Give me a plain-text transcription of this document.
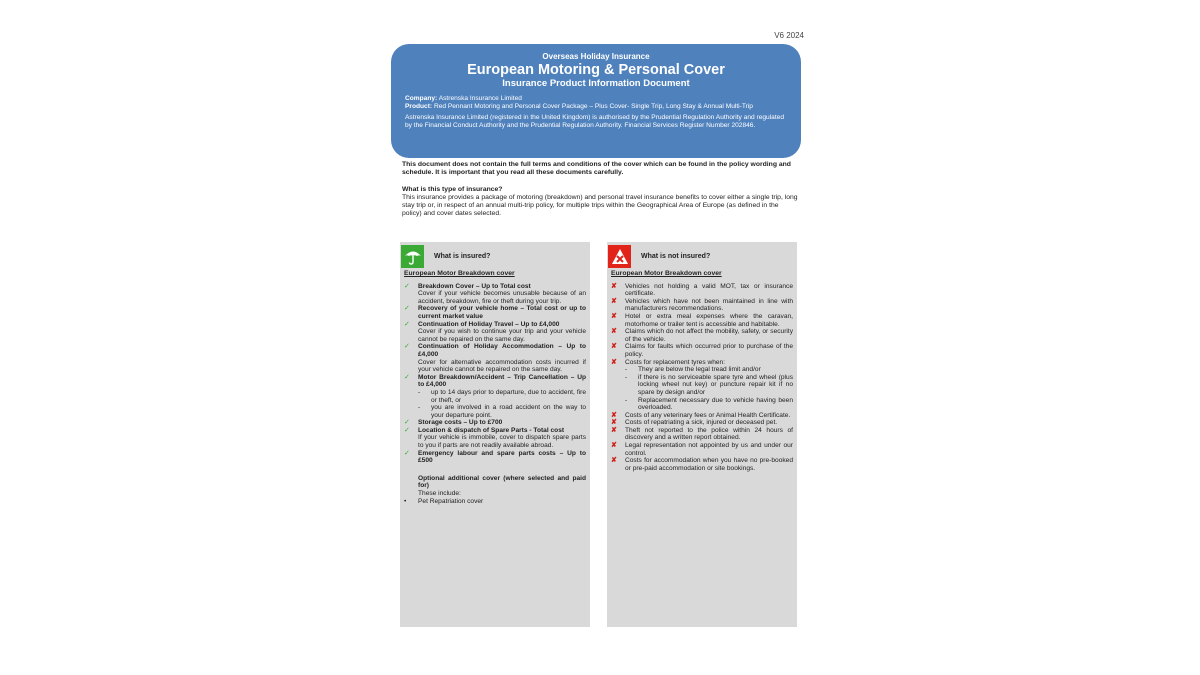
V6 2024
Overseas Holiday Insurance
European Motoring & Personal Cover
Insurance Product Information Document

Company: Astrenska Insurance Limited

Product: Red Pennant Motoring and Personal Cover Package – Plus Cover- Single Trip, Long Stay & Annual Multi-Trip

Astrenska Insurance Limited (registered in the United Kingdom) is authorised by the Prudential Regulation Authority and regulated by the Financial Conduct Authority and the Prudential Regulation Authority. Financial Services Register Number 202846.

This document does not contain the full terms and conditions of the cover which can be found in the policy wording and schedule. It is important that you read all these documents carefully.

What is this type of insurance?

This insurance provides a package of motoring (breakdown) and personal travel insurance benefits to cover either a single trip, long stay trip or, in respect of an annual multi-trip policy, for multiple trips within the Geographical Area of Europe (as defined in the policy) and cover dates selected.

What is insured?
European Motor Breakdown cover
✓	Breakdown Cover – Up to Total cost
Cover if your vehicle becomes unusable because of an accident, breakdown, fire or theft during your trip.
✓	Recovery of your vehicle home – Total cost or up to current market value
✓	Continuation of Holiday Travel – Up to £4,000
Cover if you wish to continue your trip and your vehicle cannot be repaired on the same day.
✓	Continuation of Holiday Accommodation – Up to £4,000
Cover for alternative accommodation costs incurred if your vehicle cannot be repaired on the same day.
✓	Motor Breakdown/Accident – Trip Cancellation – Up to £4,000
-	up to 14 days prior to departure, due to accident, fire or theft, or
-	you are involved in a road accident on the way to your departure point.
✓	Storage costs – Up to £700
✓	Location & dispatch of Spare Parts - Total cost
If your vehicle is immobile, cover to dispatch spare parts to you if parts are not readily available abroad.
✓	Emergency labour and spare parts costs – Up to £500
Optional additional cover (where selected and paid for)
These include:
•	Pet Repatriation cover
What is not insured?
European Motor Breakdown cover
✘	Vehicles not holding a valid MOT, tax or insurance certificate.
✘	Vehicles which have not been maintained in line with manufacturers recommendations.
✘	Hotel or extra meal expenses where the caravan, motorhome or trailer tent is accessible and habitable.
✘	Claims which do not affect the mobility, safety, or security of the vehicle.
✘	Claims for faults which occurred prior to purchase of the policy.
✘	Costs for replacement tyres when:
-	They are below the legal tread limit and/or
-	if there is no serviceable spare tyre and wheel (plus locking wheel nut key) or puncture repair kit if no spare by design and/or
-	Replacement necessary due to vehicle having been overloaded.
✘	Costs of any veterinary fees or Animal Health Certificate.
✘	Costs of repatriating a sick, injured or deceased pet.
✘	Theft not reported to the police within 24 hours of discovery and a written report obtained.
✘	Legal representation not appointed by us and under our control.
✘	Costs for accommodation when you have no pre-booked or pre-paid accommodation or site bookings.
